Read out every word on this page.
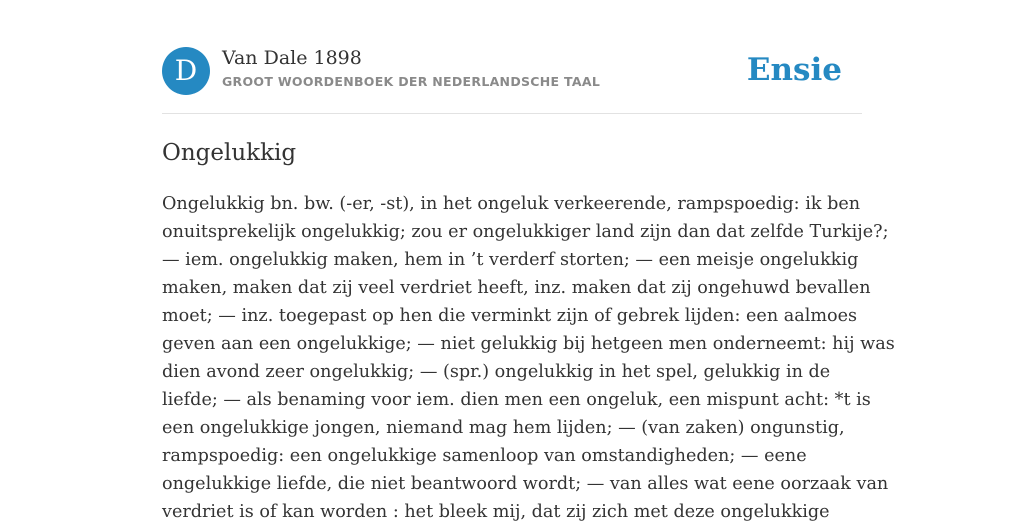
D	Van Dale 1898
GROOT WOORDENBOEK DER NEDERLANDSCHE TAAL	Ensie
Ongelukkig

Ongelukkig bn. bw. (-er, -st), in het ongeluk verkeerende, rampspoedig: ik ben
onuitsprekelijk ongelukkig; zou er ongelukkiger land zijn dan dat zelfde Turkije?;
— iem. ongelukkig maken, hem in ’t verderf storten; — een meisje ongelukkig
maken, maken dat zij veel verdriet heeft, inz. maken dat zij ongehuwd bevallen
moet; — inz. toegepast op hen die verminkt zijn of gebrek lijden: een aalmoes
geven aan een ongelukkige; — niet gelukkig bij hetgeen men onderneemt: hij was
dien avond zeer ongelukkig; — (spr.) ongelukkig in het spel, gelukkig in de
liefde; — als benaming voor iem. dien men een ongeluk, een mispunt acht: *t is
een ongelukkige jongen, niemand mag hem lijden; — (van zaken) ongunstig,
rampspoedig: een ongelukkige samenloop van omstandigheden; — eene
ongelukkige liefde, die niet beantwoord wordt; — van alles wat eene oorzaak van
verdriet is of kan worden : het bleek mij, dat zij zich met deze ongelukkige
